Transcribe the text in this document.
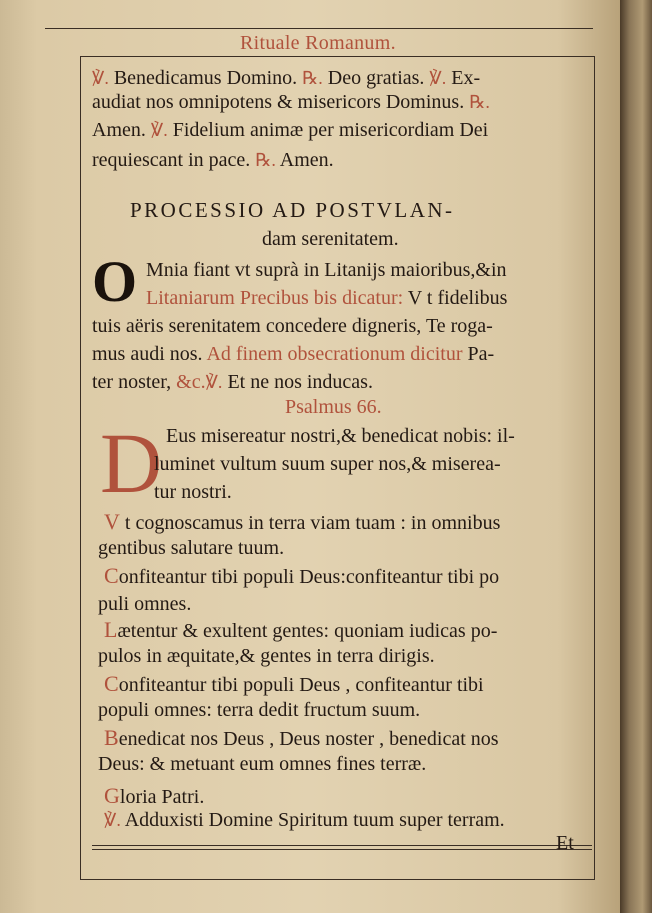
Rituale Romanum.
℣. Benedicamus Domino. ℞. Deo gratias. ℣. Ex-
audiat nos omnipotens & misericors Dominus. ℞.
Amen. ℣. Fidelium animæ per misericordiam Dei
requiescant in pace. ℞. Amen.
PROCESSIO AD POSTVLAN-
dam serenitatem.
O Mnia fiant vt suprà in Litanijs maioribus,&in
Litaniarum Precibus bis dicatur: V t fidelibus
tuis aëris serenitatem concedere digneris, Te roga-
mus audi nos. Ad finem obsecrationum dicitur Pa-
ter noster, &c.℣. Et ne nos inducas.
Psalmus 66.
D Eus misereatur nostri,& benedicat nobis: il-
luminet vultum suum super nos,& miserea-
tur nostri.
V t cognoscamus in terra viam tuam : in omnibus
gentibus salutare tuum.
Confiteantur tibi populi Deus:confiteantur tibi po
puli omnes.
Lætentur & exultent gentes: quoniam iudicas po-
pulos in æquitate,& gentes in terra dirigis.
Confiteantur tibi populi Deus , confiteantur tibi
populi omnes: terra dedit fructum suum.
Benedicat nos Deus , Deus noster , benedicat nos
Deus: & metuant eum omnes fines terræ.
Gloria Patri.
℣. Adduxisti Domine Spiritum tuum super terram.
Et
